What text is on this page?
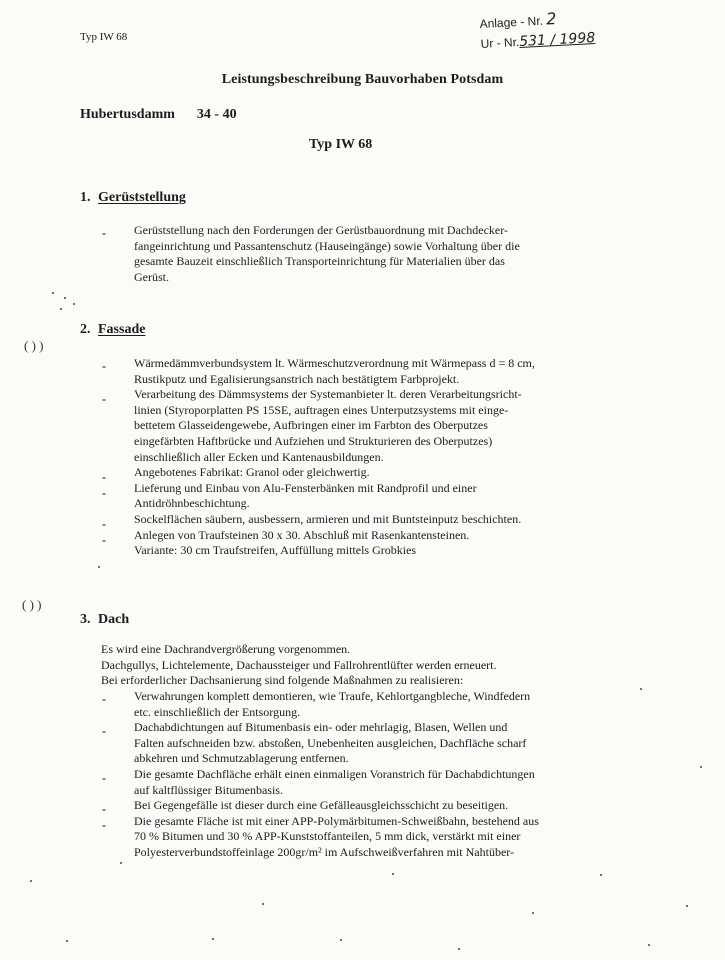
Typ IW 68
Anlage - Nr. 2
Ur - Nr.531 / 1998
Leistungsbeschreibung Bauvorhaben Potsdam
Hubertusdamm 34 - 40
Typ IW 68
1. Gerüststellung
- Gerüststellung nach den Forderungen der Gerüstbauordnung mit Dachdecker-
fangeinrichtung und Passantenschutz (Hauseingänge) sowie Vorhaltung über die
gesamte Bauzeit einschließlich Transporteinrichtung für Materialien über das
Gerüst.
2. Fassade
( ) )
-
-
-
-
-
-
Wärmedämmverbundsystem lt. Wärmeschutzverordnung mit Wärmepass d = 8 cm,
Rustikputz und Egalisierungsanstrich nach bestätigtem Farbprojekt.
Verarbeitung des Dämmsystems der Systemanbieter lt. deren Verarbeitungsricht-
linien (Styroporplatten PS 15SE, auftragen eines Unterputzsystems mit einge-
bettetem Glasseidengewebe, Aufbringen einer im Farbton des Oberputzes
eingefärbten Haftbrücke und Aufziehen und Strukturieren des Oberputzes)
einschließlich aller Ecken und Kantenausbildungen.
Angebotenes Fabrikat: Granol oder gleichwertig.
Lieferung und Einbau von Alu-Fensterbänken mit Randprofil und einer
Antidröhnbeschichtung.
Sockelflächen säubern, ausbessern, armieren und mit Buntsteinputz beschichten.
Anlegen von Traufsteinen 30 x 30. Abschluß mit Rasenkantensteinen.
Variante: 30 cm Traufstreifen, Auffüllung mittels Grobkies
( ) )
3. Dach
Es wird eine Dachrandvergrößerung vorgenommen.
Dachgullys, Lichtelemente, Dachaussteiger und Fallrohrentlüfter werden erneuert.
Bei erforderlicher Dachsanierung sind folgende Maßnahmen zu realisieren:
-
-
-
-
-
Verwahrungen komplett demontieren, wie Traufe, Kehlortgangbleche, Windfedern
etc. einschließlich der Entsorgung.
Dachabdichtungen auf Bitumenbasis ein- oder mehrlagig, Blasen, Wellen und
Falten aufschneiden bzw. abstoßen, Unebenheiten ausgleichen, Dachfläche scharf
abkehren und Schmutzablagerung entfernen.
Die gesamte Dachfläche erhält einen einmaligen Voranstrich für Dachabdichtungen
auf kaltflüssiger Bitumenbasis.
Bei Gegengefälle ist dieser durch eine Gefälleausgleichsschicht zu beseitigen.
Die gesamte Fläche ist mit einer APP-Polymärbitumen-Schweißbahn, bestehend aus
70 % Bitumen und 30 % APP-Kunststoffanteilen, 5 mm dick, verstärkt mit einer
Polyesterverbundstoffeinlage 200gr/m² im Aufschweißverfahren mit Nahtüber-
